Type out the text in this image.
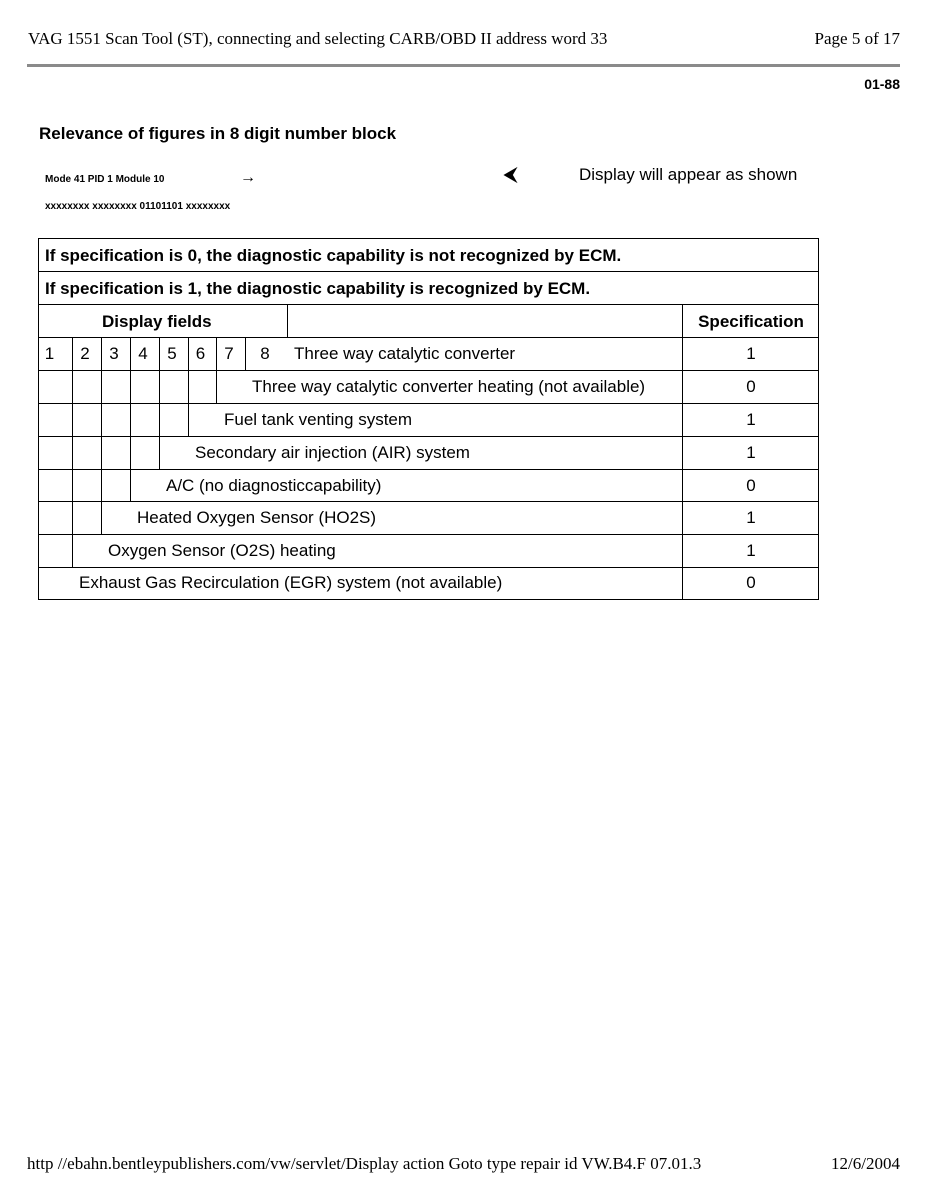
VAG 1551 Scan Tool (ST), connecting and selecting CARB/OBD II address word 33	Page 5 of 17
01-88
Relevance of figures in 8 digit number block
Mode 41 PID 1 Module 10	→	⮜	Display will appear as shown
xxxxxxxx xxxxxxxx 01101101 xxxxxxxx
If specification is 0, the diagnostic capability is not recognized by ECM.
If specification is 1, the diagnostic capability is recognized by ECM.
Display fields	Specification
1	2	3	4	5	6	7	8	Three way catalytic converter	1
Three way catalytic converter heating (not available)	0
Fuel tank venting system	1
Secondary air injection (AIR) system	1
A/C (no diagnosticcapability)	0
Heated Oxygen Sensor (HO2S)	1
Oxygen Sensor (O2S) heating	1
Exhaust Gas Recirculation (EGR) system (not available)	0
http //ebahn.bentleypublishers.com/vw/servlet/Display action Goto type repair id VW.B4.F 07.01.3	12/6/2004
